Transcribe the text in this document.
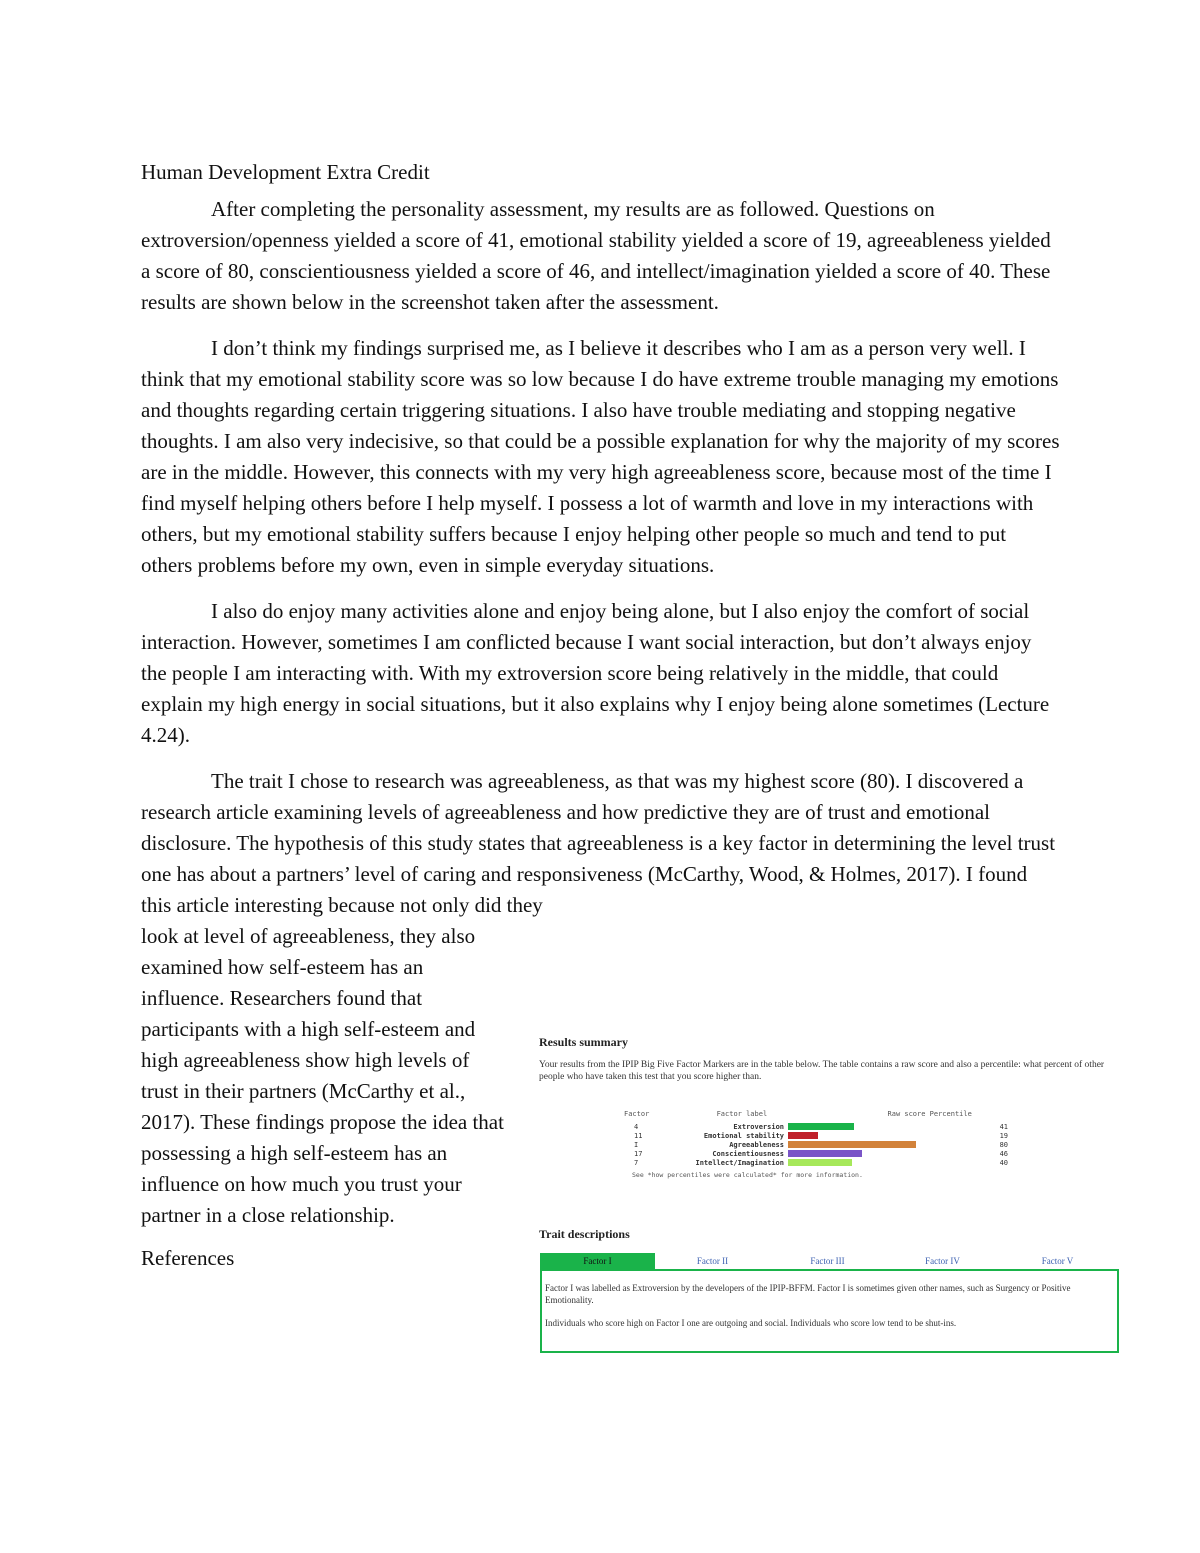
Human Development Extra Credit

After completing the personality assessment, my results are as followed. Questions on extroversion/openness yielded a score of 41, emotional stability yielded a score of 19, agreeableness yielded a score of 80, conscientiousness yielded a score of 46, and intellect/imagination yielded a score of 40. These results are shown below in the screenshot taken after the assessment.

I don’t think my findings surprised me, as I believe it describes who I am as a person very well. I think that my emotional stability score was so low because I do have extreme trouble managing my emotions and thoughts regarding certain triggering situations. I also have trouble mediating and stopping negative thoughts. I am also very indecisive, so that could be a possible explanation for why the majority of my scores are in the middle. However, this connects with my very high agreeableness score, because most of the time I find myself helping others before I help myself. I possess a lot of warmth and love in my interactions with others, but my emotional stability suffers because I enjoy helping other people so much and tend to put others problems before my own, even in simple everyday situations.

I also do enjoy many activities alone and enjoy being alone, but I also enjoy the comfort of social interaction. However, sometimes I am conflicted because I want social interaction, but don’t always enjoy the people I am interacting with. With my extroversion score being relatively in the middle, that could explain my high energy in social situations, but it also explains why I enjoy being alone sometimes (Lecture 4.24).

The trait I chose to research was agreeableness, as that was my highest score (80). I discovered a research article examining levels of agreeableness and how predictive they are of trust and emotional disclosure. The hypothesis of this study states that agreeableness is a key factor in determining the level trust one has about a partners’ level of caring and responsiveness (McCarthy, Wood, & Holmes, 2017). I found this article interesting because not only did they

look at level of agreeableness, they also examined how self-esteem has an influence. Researchers found that participants with a high self-esteem and high agreeableness show high levels of trust in their partners (McCarthy et al., 2017). These findings propose the idea that possessing a high self-esteem has an influence on how much you trust your partner in a close relationship.

References
Results summary

Your results from the IPIP Big Five Factor Markers are in the table below. The table contains a raw score and also a percentile: what percent of other people who have taken this test that you score higher than.

Factor	Factor label	Raw score Percentile
4	Extroversion	41
11	Emotional stability	19
I	Agreeableness	80
17	Conscientiousness	46
7	Intellect/Imagination	40
See *how percentiles were calculated* for more information.
Trait descriptions
Factor I	Factor II	Factor III	Factor IV	Factor V

Factor I was labelled as Extroversion by the developers of the IPIP-BFFM. Factor I is sometimes given other names, such as Surgency or Positive Emotionality.

Individuals who score high on Factor I one are outgoing and social. Individuals who score low tend to be shut-ins.
